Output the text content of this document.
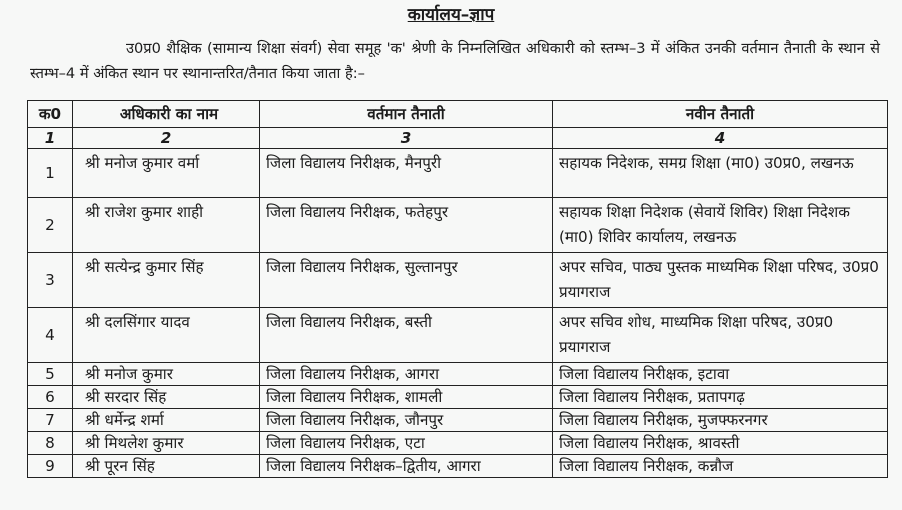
कार्यालय–ज्ञाप
उ0प्र0 शैक्षिक (सामान्य शिक्षा संवर्ग) सेवा समूह 'क' श्रेणी के निम्नलिखित अधिकारी को स्तम्भ–3 में अंकित उनकी वर्तमान तैनाती के स्थान से स्तम्भ–4 में अंकित स्थान पर स्थानान्तरित/तैनात किया जाता है:–
क0	अधिकारी का नाम	वर्तमान तैनाती	नवीन तैनाती
1	2	3	4
1	श्री मनोज कुमार वर्मा	जिला विद्यालय निरीक्षक, मैनपुरी	सहायक निदेशक, समग्र शिक्षा (मा0) उ0प्र0, लखनऊ
2	श्री राजेश कुमार शाही	जिला विद्यालय निरीक्षक, फतेहपुर	सहायक शिक्षा निदेशक (सेवायें शिविर) शिक्षा निदेशक (मा0) शिविर कार्यालय, लखनऊ
3	श्री सत्येन्द्र कुमार सिंह	जिला विद्यालय निरीक्षक, सुल्तानपुर	अपर सचिव, पाठ्य पुस्तक माध्यमिक शिक्षा परिषद, उ0प्र0 प्रयागराज
4	श्री दलसिंगार यादव	जिला विद्यालय निरीक्षक, बस्ती	अपर सचिव शोध, माध्यमिक शिक्षा परिषद, उ0प्र0 प्रयागराज
5	श्री मनोज कुमार	जिला विद्यालय निरीक्षक, आगरा	जिला विद्यालय निरीक्षक, इटावा
6	श्री सरदार सिंह	जिला विद्यालय निरीक्षक, शामली	जिला विद्यालय निरीक्षक, प्रतापगढ़
7	श्री धर्मेन्द्र शर्मा	जिला विद्यालय निरीक्षक, जौनपुर	जिला विद्यालय निरीक्षक, मुजफ्फरनगर
8	श्री मिथलेश कुमार	जिला विद्यालय निरीक्षक, एटा	जिला विद्यालय निरीक्षक, श्रावस्ती
9	श्री पूरन सिंह	जिला विद्यालय निरीक्षक–द्वितीय, आगरा	जिला विद्यालय निरीक्षक, कन्नौज
